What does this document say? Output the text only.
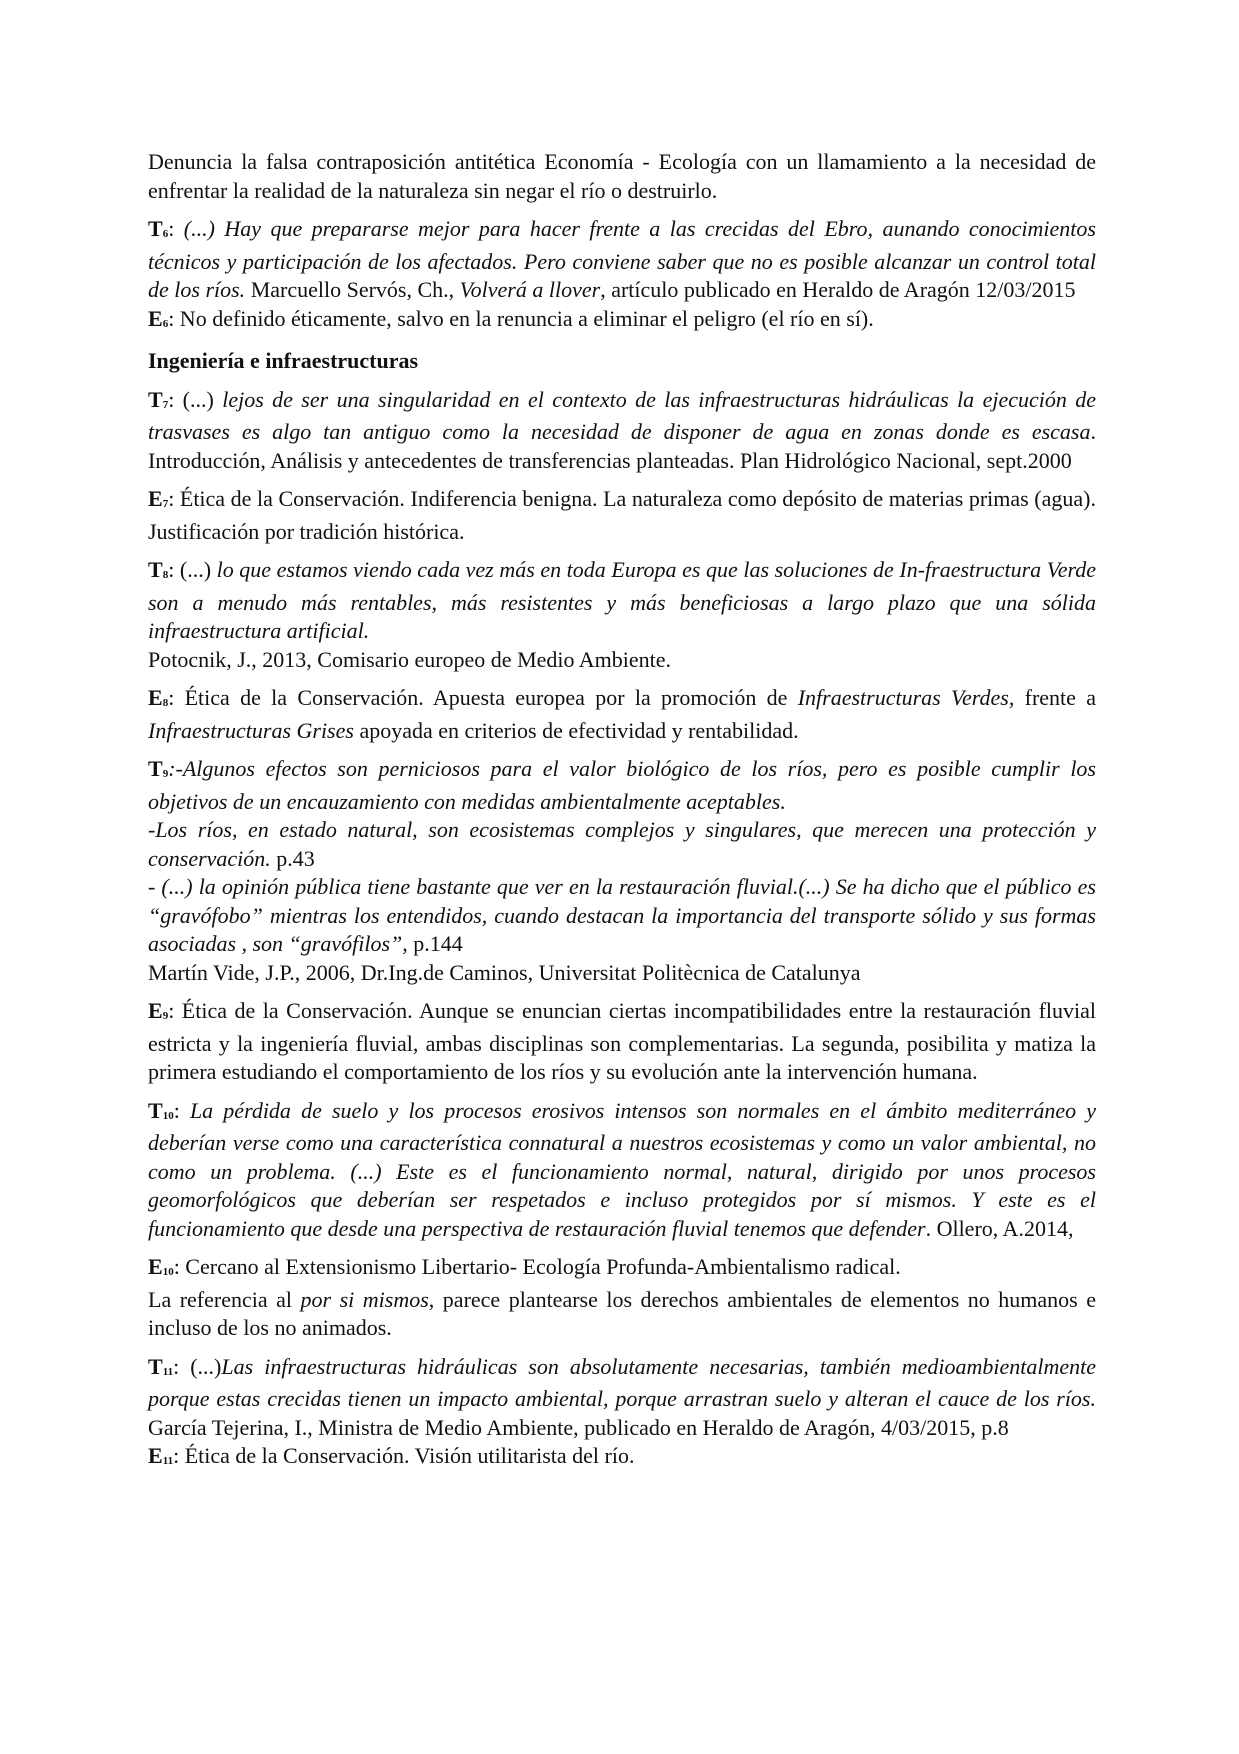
Denuncia la falsa contraposición antitética Economía - Ecología con un llamamiento a la necesidad de enfrentar la realidad de la naturaleza sin negar el río o destruirlo.

$T_6$: (...) Hay que prepararse mejor para hacer frente a las crecidas del Ebro, aunando conocimientos técnicos y participación de los afectados. Pero conviene saber que no es posible alcanzar un control total de los ríos. Marcuello Servós, Ch., Volverá a llover, artículo publicado en Heraldo de Aragón 12/03/2015

$E_6$: No definido éticamente, salvo en la renuncia a eliminar el peligro (el río en sí).

Ingeniería e infraestructuras

$T_7$: (...) lejos de ser una singularidad en el contexto de las infraestructuras hidráulicas la ejecución de trasvases es algo tan antiguo como la necesidad de disponer de agua en zonas donde es escasa. Introducción, Análisis y antecedentes de transferencias planteadas. Plan Hidrológico Nacional, sept.2000

$E_7$: Ética de la Conservación. Indiferencia benigna. La naturaleza como depósito de materias primas (agua). Justificación por tradición histórica.

$T_8$: (...) lo que estamos viendo cada vez más en toda Europa es que las soluciones de In-fraestructura Verde son a menudo más rentables, más resistentes y más beneficiosas a largo plazo que una sólida infraestructura artificial.

Potocnik, J., 2013, Comisario europeo de Medio Ambiente.

$E_8$: Ética de la Conservación. Apuesta europea por la promoción de Infraestructuras Verdes, frente a Infraestructuras Grises apoyada en criterios de efectividad y rentabilidad.

$T_9$:-Algunos efectos son perniciosos para el valor biológico de los ríos, pero es posible cumplir los objetivos de un encauzamiento con medidas ambientalmente aceptables.

-Los ríos, en estado natural, son ecosistemas complejos y singulares, que merecen una protección y conservación. p.43

- (...) la opinión pública tiene bastante que ver en la restauración fluvial.(...) Se ha dicho que el público es “gravófobo” mientras los entendidos, cuando destacan la importancia del transporte sólido y sus formas asociadas , son “gravófilos”, p.144

Martín Vide, J.P., 2006, Dr.Ing.de Caminos, Universitat Politècnica de Catalunya

$E_9$: Ética de la Conservación. Aunque se enuncian ciertas incompatibilidades entre la restauración fluvial estricta y la ingeniería fluvial, ambas disciplinas son complementarias. La segunda, posibilita y matiza la primera estudiando el comportamiento de los ríos y su evolución ante la intervención humana.

$T_{10}$: La pérdida de suelo y los procesos erosivos intensos son normales en el ámbito mediterráneo y deberían verse como una característica connatural a nuestros ecosistemas y como un valor ambiental, no como un problema. (...) Este es el funcionamiento normal, natural, dirigido por unos procesos geomorfológicos que deberían ser respetados e incluso protegidos por sí mismos. Y este es el funcionamiento que desde una perspectiva de restauración fluvial tenemos que defender. Ollero, A.2014,

$E_{10}$: Cercano al Extensionismo Libertario- Ecología Profunda-Ambientalismo radical.

La referencia al por si mismos, parece plantearse los derechos ambientales de elementos no humanos e incluso de los no animados.

$T_{11}$: (...)Las infraestructuras hidráulicas son absolutamente necesarias, también medioambientalmente porque estas crecidas tienen un impacto ambiental, porque arrastran suelo y alteran el cauce de los ríos. García Tejerina, I., Ministra de Medio Ambiente, publicado en Heraldo de Aragón, 4/03/2015, p.8

$E_{11}$: Ética de la Conservación. Visión utilitarista del río.
